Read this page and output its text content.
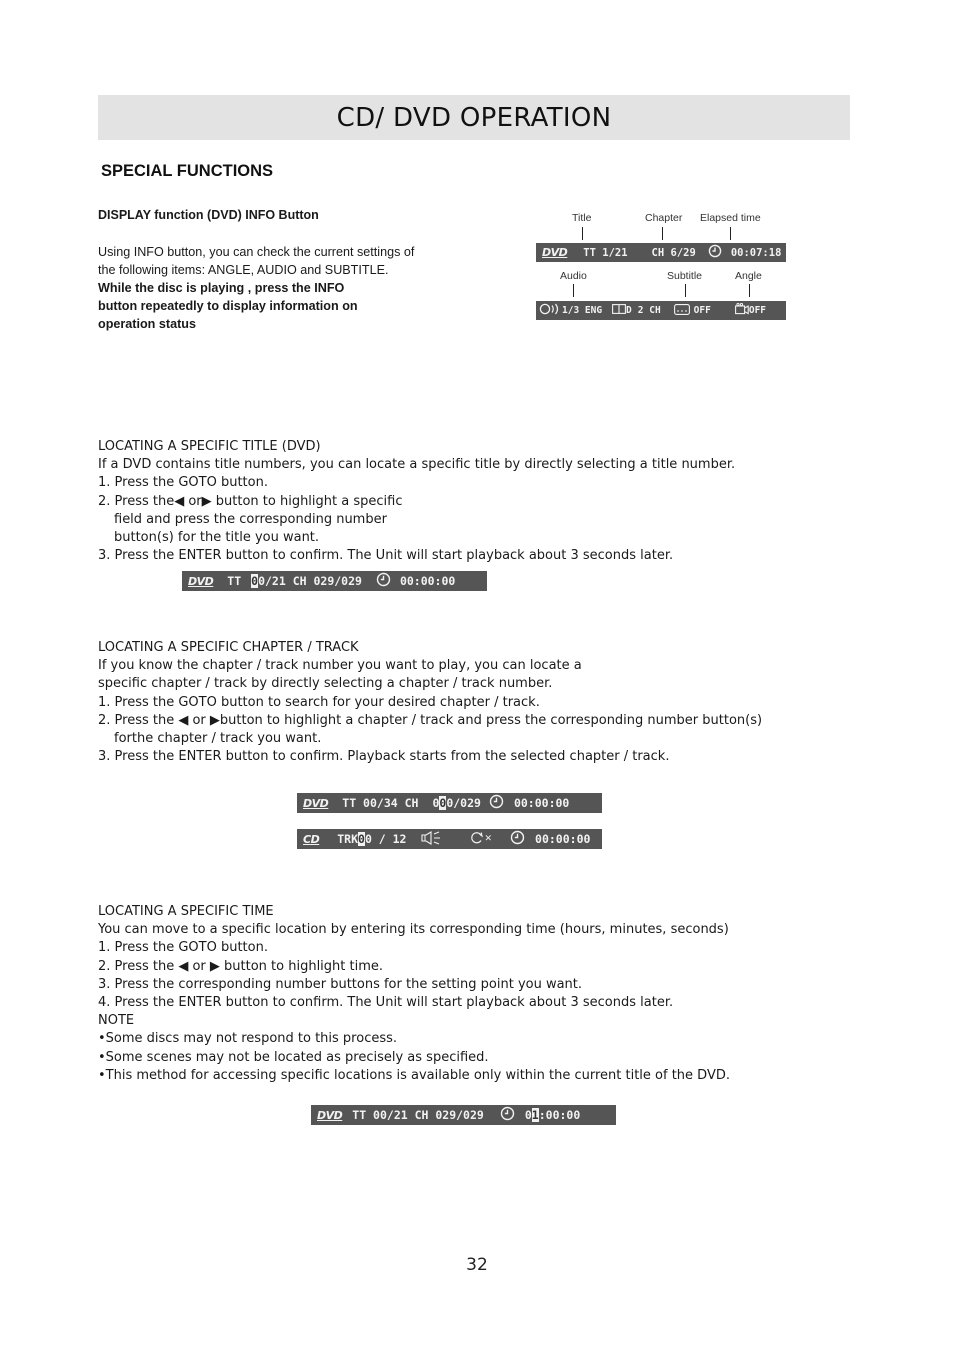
CD/ DVD OPERATION
SPECIAL FUNCTIONS
DISPLAY function (DVD) INFO Button
Using INFO button, you can check the current settings of
the following items: ANGLE, AUDIO and SUBTITLE.
While the disc is playing , press the INFO
button repeatedly to display information on
operation status
Title	Chapter Elapsed time
DVD TT 1/21 CH 6/29	00:07:18
Audio	Subtitle	Angle
1/3 ENG	D 2 CH	OFF	OFF
LOCATING A SPECIFIC TITLE (DVD)
If a DVD contains title numbers, you can locate a specific title by directly selecting a title number.
1. Press the GOTO button.
2. Press the◀ or▶ button to highlight a specific
field and press the corresponding number
button(s) for the title you want.
3. Press the ENTER button to confirm. The Unit will start playback about 3 seconds later.
DVD TT 0 0/21 CH 029/029	00:00:00
LOCATING A SPECIFIC CHAPTER / TRACK
If you know the chapter / track number you want to play, you can locate a
specific chapter / track by directly selecting a chapter / track number.
1. Press the GOTO button to search for your desired chapter / track.
2. Press the ◀ or ▶button to highlight a chapter / track and press the corresponding number button(s)
forthe chapter / track you want.
3. Press the ENTER button to confirm. Playback starts from the selected chapter / track.
DVD TT 00/34 CH 0 0 0/029	00:00:00
CD TRK 0 0 / 12	✕	00:00:00
LOCATING A SPECIFIC TIME
You can move to a specific location by entering its corresponding time (hours, minutes, seconds)
1. Press the GOTO button.
2. Press the ◀ or ▶ button to highlight time.
3. Press the corresponding number buttons for the setting point you want.
4. Press the ENTER button to confirm. The Unit will start playback about 3 seconds later.
NOTE
•Some discs may not respond to this process.
•Some scenes may not be located as precisely as specified.
•This method for accessing specific locations is available only within the current title of the DVD.
DVD TT 00/21 CH 029/029	0 1 :00:00
32
